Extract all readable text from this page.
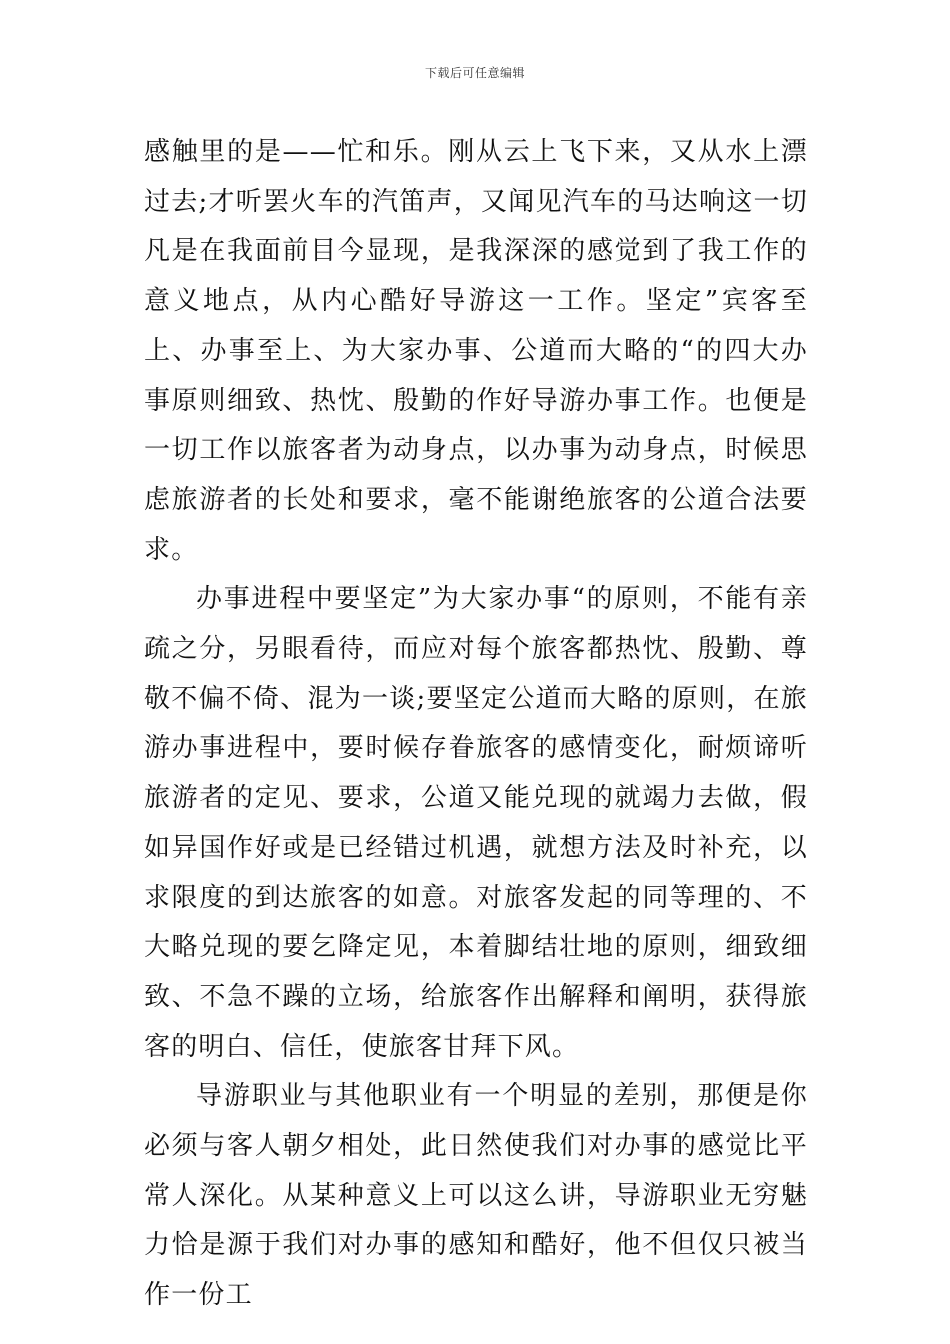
下载后可任意编辑

感触里的是——忙和乐。刚从云上飞下来，又从水上漂过去;才听罢火车的汽笛声，又闻见汽车的马达响这一切凡是在我面前目今显现，是我深深的感觉到了我工作的意义地点，从内心酷好导游这一工作。坚定”宾客至上、办事至上、为大家办事、公道而大略的“的四大办事原则细致、热忱、殷勤的作好导游办事工作。也便是一切工作以旅客者为动身点，以办事为动身点，时候思虑旅游者的长处和要求，毫不能谢绝旅客的公道合法要求。

办事进程中要坚定”为大家办事“的原则，不能有亲疏之分，另眼看待，而应对每个旅客都热忱、殷勤、尊敬不偏不倚、混为一谈;要坚定公道而大略的原则，在旅游办事进程中，要时候存眷旅客的感情变化，耐烦谛听旅游者的定见、要求，公道又能兑现的就竭力去做，假如异国作好或是已经错过机遇，就想方法及时补充，以求限度的到达旅客的如意。对旅客发起的同等理的、不大略兑现的要乞降定见，本着脚结壮地的原则，细致细致、不急不躁的立场，给旅客作出解释和阐明，获得旅客的明白、信任，使旅客甘拜下风。

导游职业与其他职业有一个明显的差别，那便是你必须与客人朝夕相处，此日然使我们对办事的感觉比平常人深化。从某种意义上可以这么讲，导游职业无穷魅力恰是源于我们对办事的感知和酷好，他不但仅只被当作一份工
